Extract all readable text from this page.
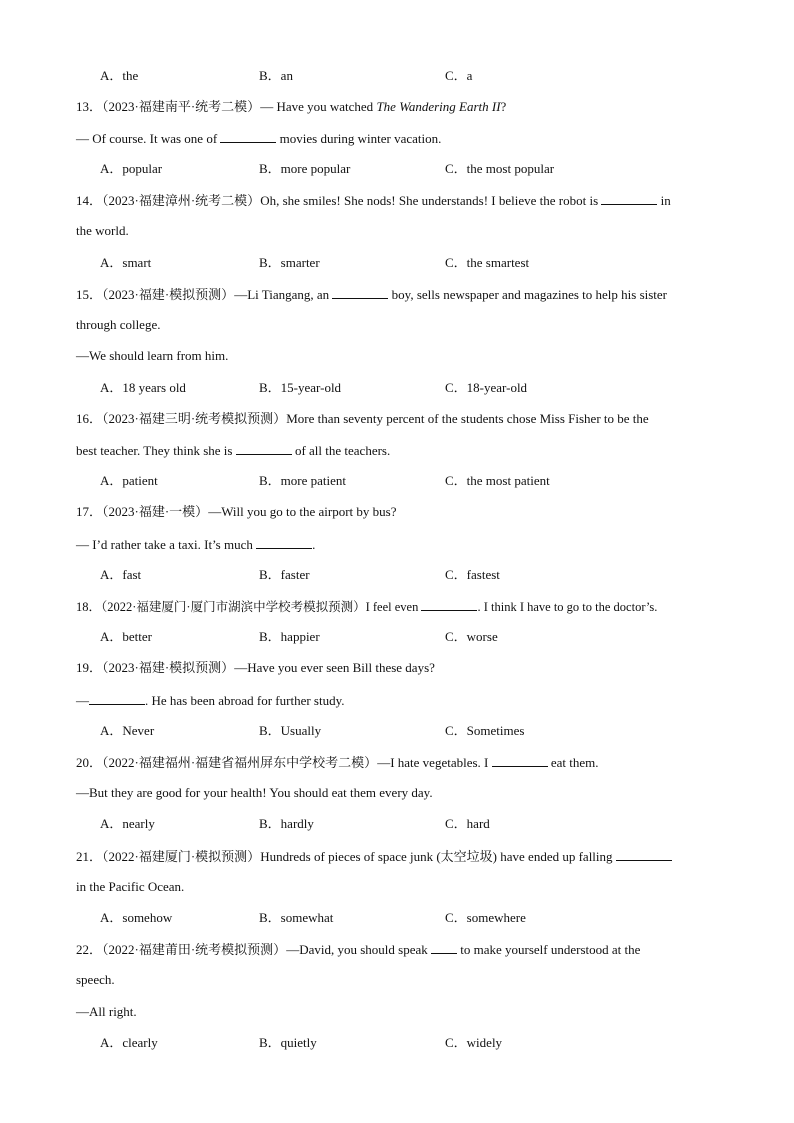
A．the	B．an	C．a
13．（2023·福建南平·统考二模）— Have you watched The Wandering Earth II?
— Of course. It was one of	movies during winter vacation.
A．popular	B．more popular	C．the most popular
14．（2023·福建漳州·统考二模）Oh, she smiles! She nods! She understands! I believe the robot is	in
the world.
A．smart	B．smarter	C．the smartest
15．（2023·福建·模拟预测）—Li Tiangang, an	boy, sells newspaper and magazines to help his sister
through college.
—We should learn from him.
A．18 years old	B．15-year-old	C．18-year-old
16．（2023·福建三明·统考模拟预测）More than seventy percent of the students chose Miss Fisher to be the
best teacher. They think she is	of all the teachers.
A．patient	B．more patient	C．the most patient
17．（2023·福建·一模）—Will you go to the airport by bus?
— I’d rather take a taxi. It’s much	.
A．fast	B．faster	C．fastest
18．（2022·福建厦门·厦门市湖滨中学校考模拟预测）I feel even	. I think I have to go to the doctor’s.
A．better	B．happier	C．worse
19．（2023·福建·模拟预测）—Have you ever seen Bill these days?
—	. He has been abroad for further study.
A．Never	B．Usually	C．Sometimes
20．（2022·福建福州·福建省福州屏东中学校考二模）—I hate vegetables. I	eat them.
—But they are good for your health! You should eat them every day.
A．nearly	B．hardly	C．hard
21．（2022·福建厦门·模拟预测）Hundreds of pieces of space junk (太空垃圾) have ended up falling
in the Pacific Ocean.
A．somehow	B．somewhat	C．somewhere
22．（2022·福建莆田·统考模拟预测）—David, you should speak  to make yourself understood at the
speech.
—All right.
A．clearly	B．quietly	C．widely
